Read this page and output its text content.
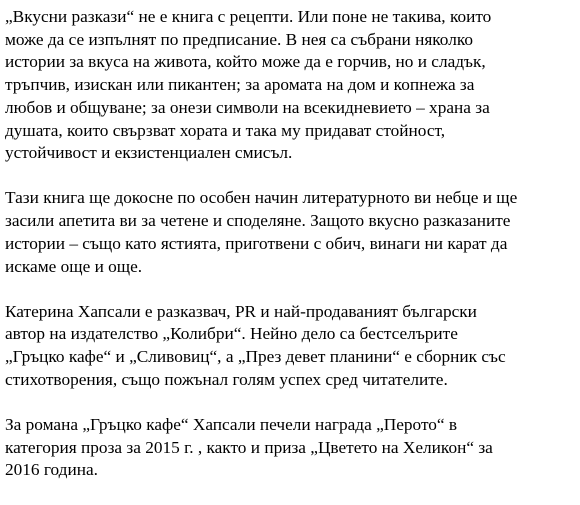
„Вкусни разкази“ не е книга с рецепти. Или поне не такива, които
може да се изпълнят по предписание. В нея са събрани няколко
истории за вкуса на живота, който може да е горчив, но и сладък,
тръпчив, изискан или пикантен; за аромата на дом и копнежа за
любов и общуване; за онези символи на всекидневието – храна за
душата, които свързват хората и така му придават стойност,
устойчивост и екзистенциален смисъл.

Тази книга ще докосне по особен начин литературното ви небце и ще
засили апетита ви за четене и споделяне. Защото вкусно разказаните
истории – също като ястията, приготвени с обич, винаги ни карат да
искаме още и още.

Катерина Хапсали е разказвач, PR и най-продаваният български
автор на издателство „Колибри“. Нейно дело са бестселърите
„Гръцко кафе“ и „Сливовиц“, а „През девет планини“ е сборник със
стихотворения, също пожънал голям успех сред читателите.

За романа „Гръцко кафе“ Хапсали печели награда „Перото“ в
категория проза за 2015 г. , както и приза „Цветето на Хеликон“ за
2016 година.
